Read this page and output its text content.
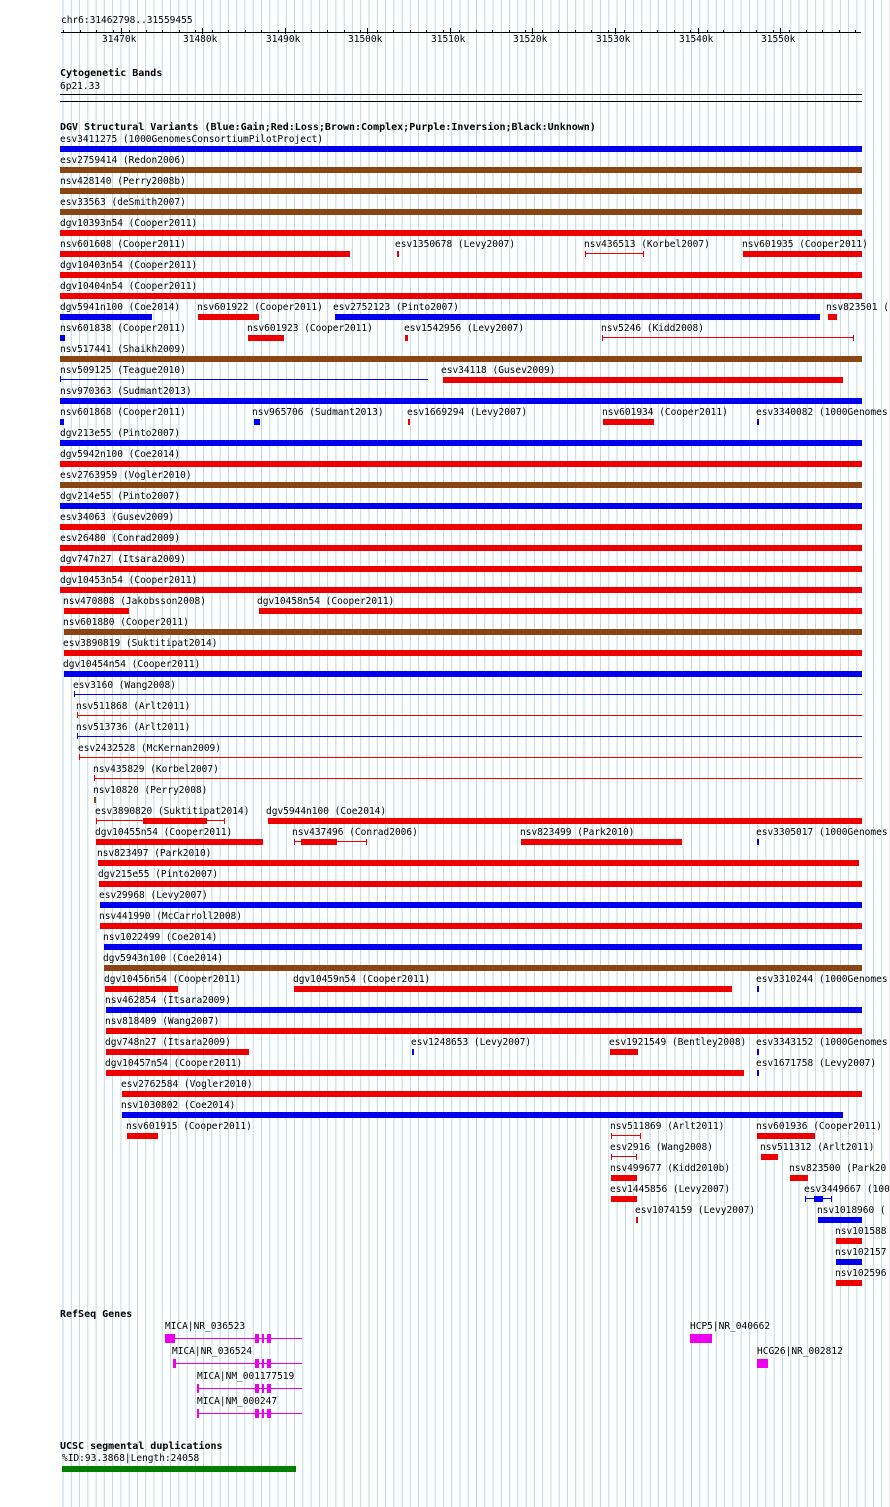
chr6:31462798..31559455
31470k	31480k	31490k	31500k	31510k	31520k	31530k	31540k	31550k
Cytogenetic Bands
6p21.33
DGV Structural Variants (Blue:Gain;Red:Loss;Brown:Complex;Purple:Inversion;Black:Unknown)
esv3411275 (1000GenomesConsortiumPilotProject)
esv2759414 (Redon2006)
nsv428140 (Perry2008b)
esv33563 (deSmith2007)
dgv10393n54 (Cooper2011)
nsv601608 (Cooper2011)	esv1350678 (Levy2007)	nsv436513 (Korbel2007)	nsv601935 (Cooper2011)
dgv10403n54 (Cooper2011)
dgv10404n54 (Cooper2011)
dgv5941n100 (Coe2014) nsv601922 (Cooper2011) esv2752123 (Pinto2007)	nsv823501 (
nsv601838 (Cooper2011)	nsv601923 (Cooper2011)	esv1542956 (Levy2007)	nsv5246 (Kidd2008)
nsv517441 (Shaikh2009)
nsv509125 (Teague2010)	esv34118 (Gusev2009)
nsv970363 (Sudmant2013)
nsv601868 (Cooper2011)	nsv965706 (Sudmant2013) esv1669294 (Levy2007)	nsv601934 (Cooper2011)	esv3340082 (1000Genomes
dgv213e55 (Pinto2007)
dgv5942n100 (Coe2014)
esv2763959 (Vogler2010)
dgv214e55 (Pinto2007)
esv34063 (Gusev2009)
esv26480 (Conrad2009)
dgv747n27 (Itsara2009)
dgv10453n54 (Cooper2011)
nsv470808 (Jakobsson2008)	dgv10458n54 (Cooper2011)
nsv601880 (Cooper2011)
esv3890819 (Suktitipat2014)
dgv10454n54 (Cooper2011)
esv3160 (Wang2008)
nsv511868 (Arlt2011)
nsv513736 (Arlt2011)
esv2432528 (McKernan2009)
nsv435829 (Korbel2007)
nsv10820 (Perry2008)
esv3890820 (Suktitipat2014) dgv5944n100 (Coe2014)
dgv10455n54 (Cooper2011)	nsv437496 (Conrad2006)	nsv823499 (Park2010)	esv3305017 (1000Genomes
nsv823497 (Park2010)
dgv215e55 (Pinto2007)
esv29968 (Levy2007)
nsv441990 (McCarroll2008)
nsv1022499 (Coe2014)
dgv5943n100 (Coe2014)
dgv10456n54 (Cooper2011)	dgv10459n54 (Cooper2011)	esv3310244 (1000Genomes
nsv462854 (Itsara2009)
nsv818409 (Wang2007)
dgv748n27 (Itsara2009)	esv1248653 (Levy2007)	esv1921549 (Bentley2008) esv3343152 (1000Genomes
dgv10457n54 (Cooper2011)	esv1671758 (Levy2007)
esv2762584 (Vogler2010)
nsv1030802 (Coe2014)
nsv601915 (Cooper2011)	nsv511869 (Arlt2011)	nsv601936 (Cooper2011)
esv2916 (Wang2008)	nsv511312 (Arlt2011)
nsv499677 (Kidd2010b)	nsv823500 (Park20
esv1445856 (Levy2007)	esv3449667 (100
esv1074159 (Levy2007)	nsv1018960 (
nsv101588
nsv102157
nsv102596
RefSeq Genes
MICA|NR_036523
MICA|NR_036524
MICA|NM_001177519
MICA|NM_000247
HCP5|NR_040662
HCG26|NR_002812
UCSC segmental duplications
%ID:93.3868|Length:24058
